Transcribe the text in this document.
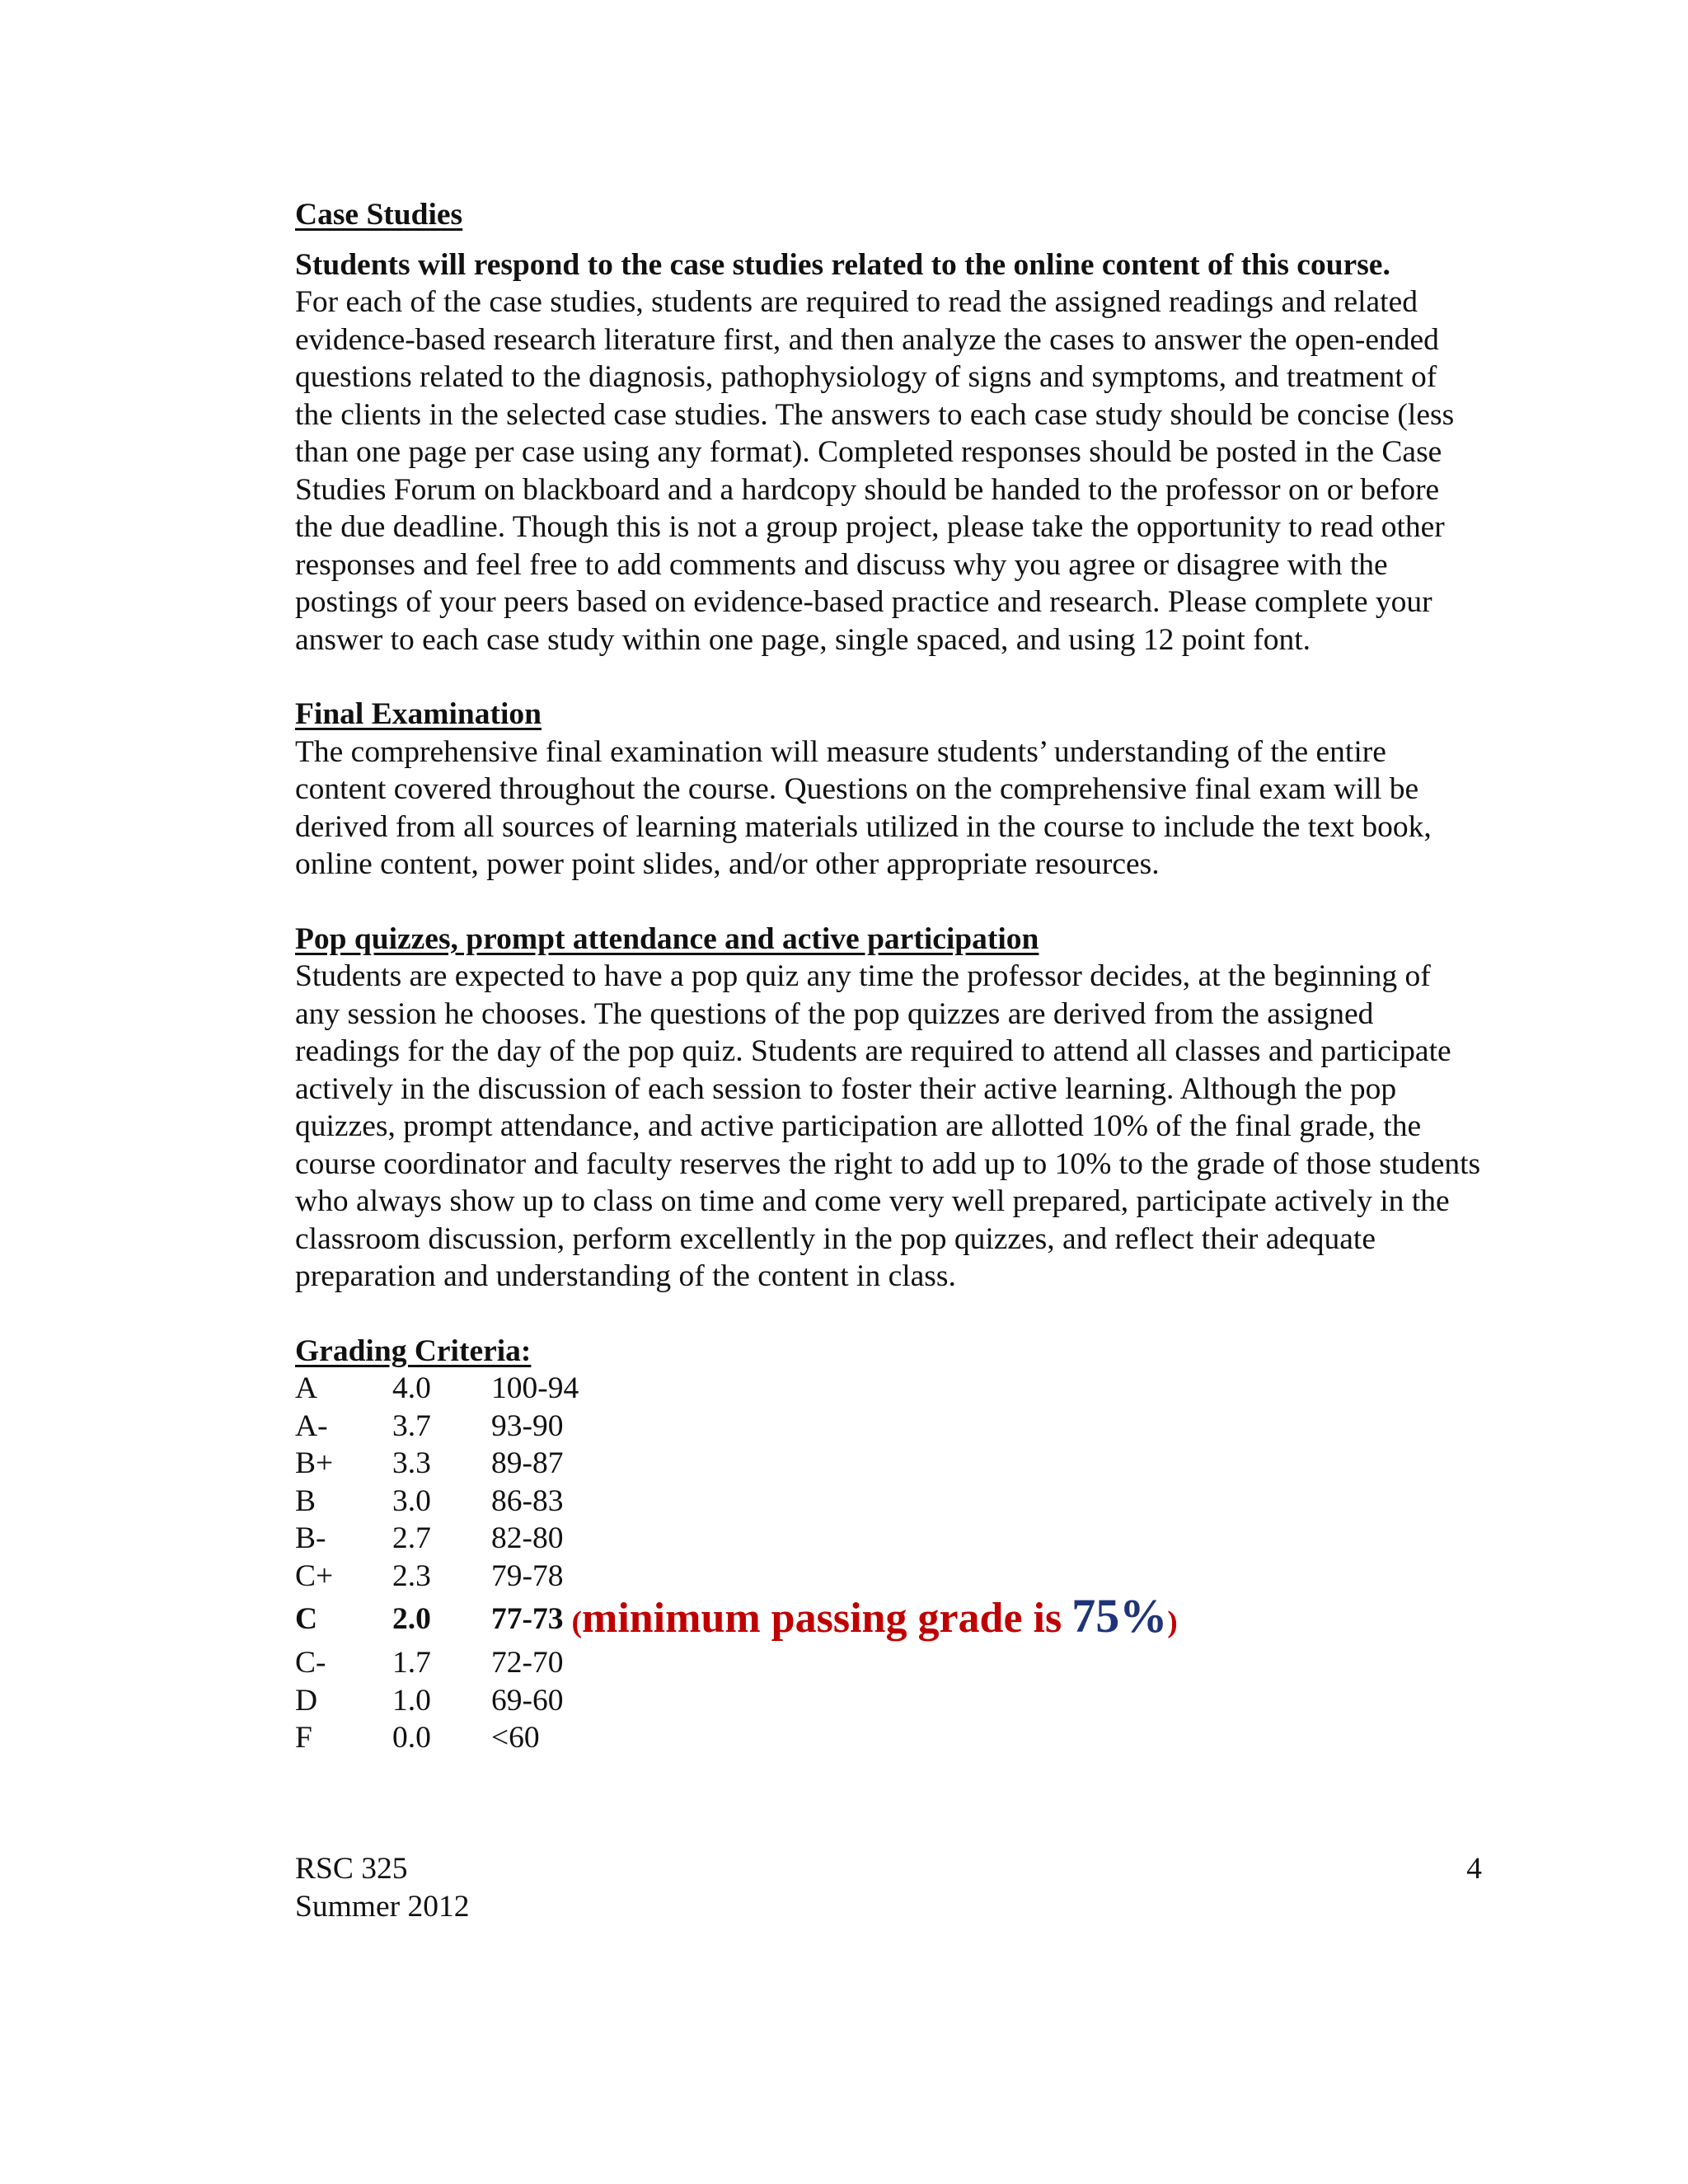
Case Studies
Students will respond to the case studies related to the online content of this course.

For each of the case studies, students are required to read the assigned readings and related evidence-based research literature first, and then analyze the cases to answer the open-ended questions related to the diagnosis, pathophysiology of signs and symptoms, and treatment of the clients in the selected case studies. The answers to each case study should be concise (less than one page per case using any format). Completed responses should be posted in the Case Studies Forum on blackboard and a hardcopy should be handed to the professor on or before the due deadline. Though this is not a group project, please take the opportunity to read other responses and feel free to add comments and discuss why you agree or disagree with the postings of your peers based on evidence-based practice and research. Please complete your answer to each case study within one page, single spaced, and using 12 point font.

Final Examination

The comprehensive final examination will measure students’ understanding of the entire content covered throughout the course. Questions on the comprehensive final exam will be derived from all sources of learning materials utilized in the course to include the text book, online content, power point slides, and/or other appropriate resources.

Pop quizzes, prompt attendance and active participation

Students are expected to have a pop quiz any time the professor decides, at the beginning of any session he chooses. The questions of the pop quizzes are derived from the assigned readings for the day of the pop quiz. Students are required to attend all classes and participate actively in the discussion of each session to foster their active learning. Although the pop quizzes, prompt attendance, and active participation are allotted 10% of the final grade, the course coordinator and faculty reserves the right to add up to 10% to the grade of those students who always show up to class on time and come very well prepared, participate actively in the classroom discussion, perform excellently in the pop quizzes, and reflect their adequate preparation and understanding of the content in class.

Grading Criteria:
A	4.0	100-94
A-	3.7	93-90
B+	3.3	89-87
B	3.0	86-83
B-	2.7	82-80
C+	2.3	79-78
C	2.0	77-73 ( minimum passing grade is 75% )
C-	1.7	72-70
D	1.0	69-60
F	0.0	<60
RSC 325
Summer 2012
4
